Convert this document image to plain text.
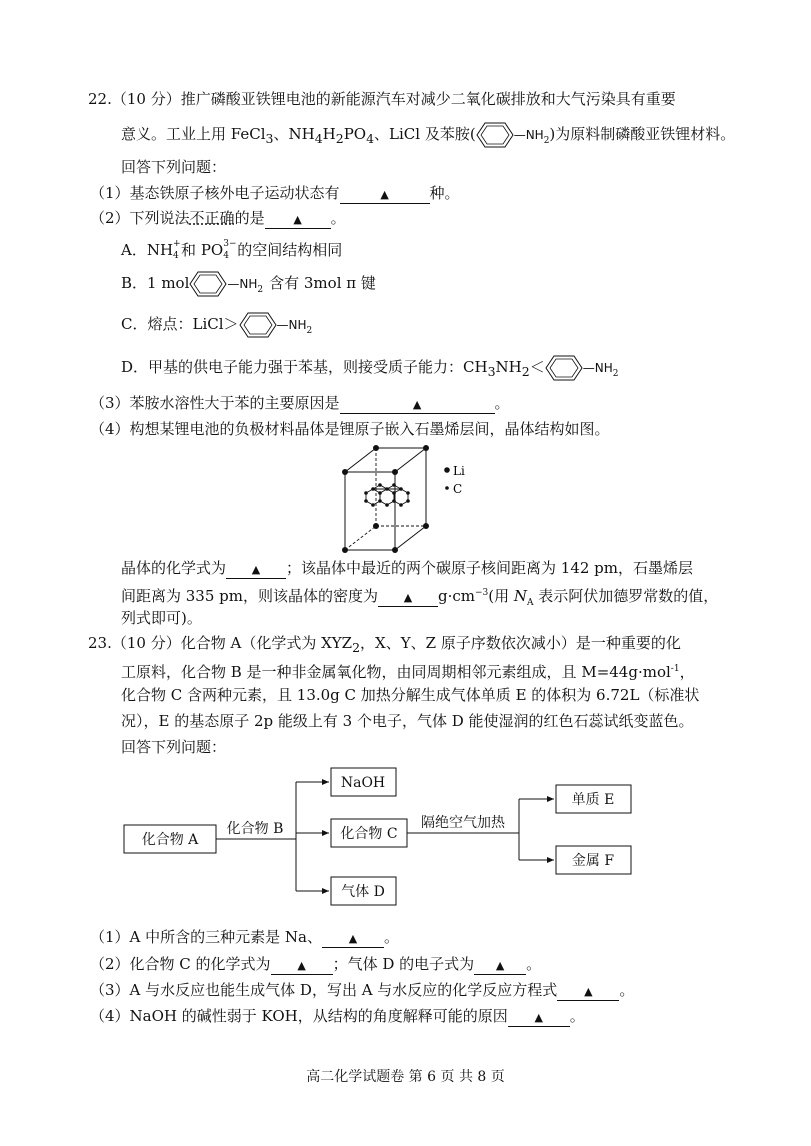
22.（10 分）推广磷酸亚铁锂电池的新能源汽车对减少二氧化碳排放和大气污染具有重要
意义。工业上用 FeCl$_3$、$NH_4H_2PO_4$、LiCl 及苯胺(	$—NH_2$)为原料制磷酸亚铁锂材料。
回答下列问题：
（1）基态铁原子核外电子运动状态有	▲	种。
（2）下列说法不正确的是	▲ 。
A．NH +
4 和 PO 3−
4 的空间结构相同
B．1 mol	$—NH_2$ 含有 3mol π 键
C．熔点：LiCl＞	$—NH_2$
D．甲基的供电子能力强于苯基，则接受质子能力：$CH_3NH_2<$	$—NH_2$
（3）苯胺水溶性大于苯的主要原因是	▲	。
（4）构想某锂电池的负极材料晶体是锂原子嵌入石墨烯层间，晶体结构如图。
Li
C
晶体的化学式为 ▲ ；该晶体中最近的两个碳原子核间距离为 142 pm，石墨烯层
间距离为 335 pm，则该晶体的密度为 ▲ $g\cdot cm^{-3}$(用 $N_A$ 表示阿伏加德罗常数的值，
列式即可)。
23.（10 分）化合物 A（化学式为 $XYZ_2$，X、Y、Z 原子序数依次减小）是一种重要的化
工原料，化合物 B 是一种非金属氧化物，由同周期相邻元素组成，且 M=44g·mol$^{-1}$，
化合物 C 含两种元素，且 13.0g C 加热分解生成气体单质 E 的体积为 6.72L（标准状
况），E 的基态原子 2p 能级上有 3 个电子，气体 D 能使湿润的红色石蕊试纸变蓝色。
回答下列问题：
化合物 A
化合物 B
NaOH
化合物 C
气体 D
隔绝空气加热
单质 E
金属 F
（1）A 中所含的三种元素是 Na、 ▲ 。
（2）化合物 C 的化学式为 ▲ ；气体 D 的电子式为 ▲ 。
（3）A 与水反应也能生成气体 D，写出 A 与水反应的化学反应方程式 ▲ 。
（4）NaOH 的碱性弱于 KOH，从结构的角度解释可能的原因 ▲ 。
高二化学试题卷 第 6 页 共 8 页
